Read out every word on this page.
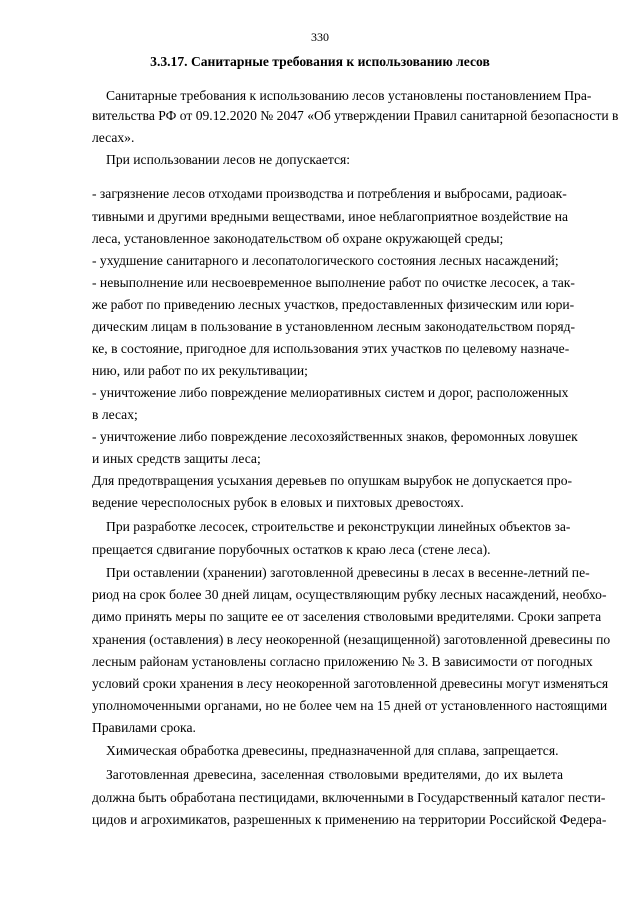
330
3.3.17. Санитарные требования к использованию лесов
Санитарные требования к использованию лесов установлены постановлением Пра-
вительства РФ от 09.12.2020 № 2047 «Об утверждении Правил санитарной безопасности в
лесах».
При использовании лесов не допускается:
- загрязнение лесов отходами производства и потребления и выбросами, радиоак-
тивными и другими вредными веществами, иное неблагоприятное воздействие на
леса, установленное законодательством об охране окружающей среды;
- ухудшение санитарного и лесопатологического состояния лесных насаждений;
- невыполнение или несвоевременное выполнение работ по очистке лесосек, а так-
же работ по приведению лесных участков, предоставленных физическим или юри-
дическим лицам в пользование в установленном лесным законодательством поряд-
ке, в состояние, пригодное для использования этих участков по целевому назначе-
нию, или работ по их рекультивации;
- уничтожение либо повреждение мелиоративных систем и дорог, расположенных
в лесах;
- уничтожение либо повреждение лесохозяйственных знаков, феромонных ловушек
и иных средств защиты леса;
Для предотвращения усыхания деревьев по опушкам вырубок не допускается про-
ведение чересполосных рубок в еловых и пихтовых древостоях.
При разработке лесосек, строительстве и реконструкции линейных объектов за-
прещается сдвигание порубочных остатков к краю леса (стене леса).
При оставлении (хранении) заготовленной древесины в лесах в весенне-летний пе-
риод на срок более 30 дней лицам, осуществляющим рубку лесных насаждений, необхо-
димо принять меры по защите ее от заселения стволовыми вредителями. Сроки запрета
хранения (оставления) в лесу неокоренной (незащищенной) заготовленной древесины по
лесным районам установлены согласно приложению № 3. В зависимости от погодных
условий сроки хранения в лесу неокоренной заготовленной древесины могут изменяться
уполномоченными органами, но не более чем на 15 дней от установленного настоящими
Правилами срока.
Химическая обработка древесины, предназначенной для сплава, запрещается.
Заготовленная древесина, заселенная стволовыми вредителями, до их вылета
должна быть обработана пестицидами, включенными в Государственный каталог пести-
цидов и агрохимикатов, разрешенных к применению на территории Российской Федера-
